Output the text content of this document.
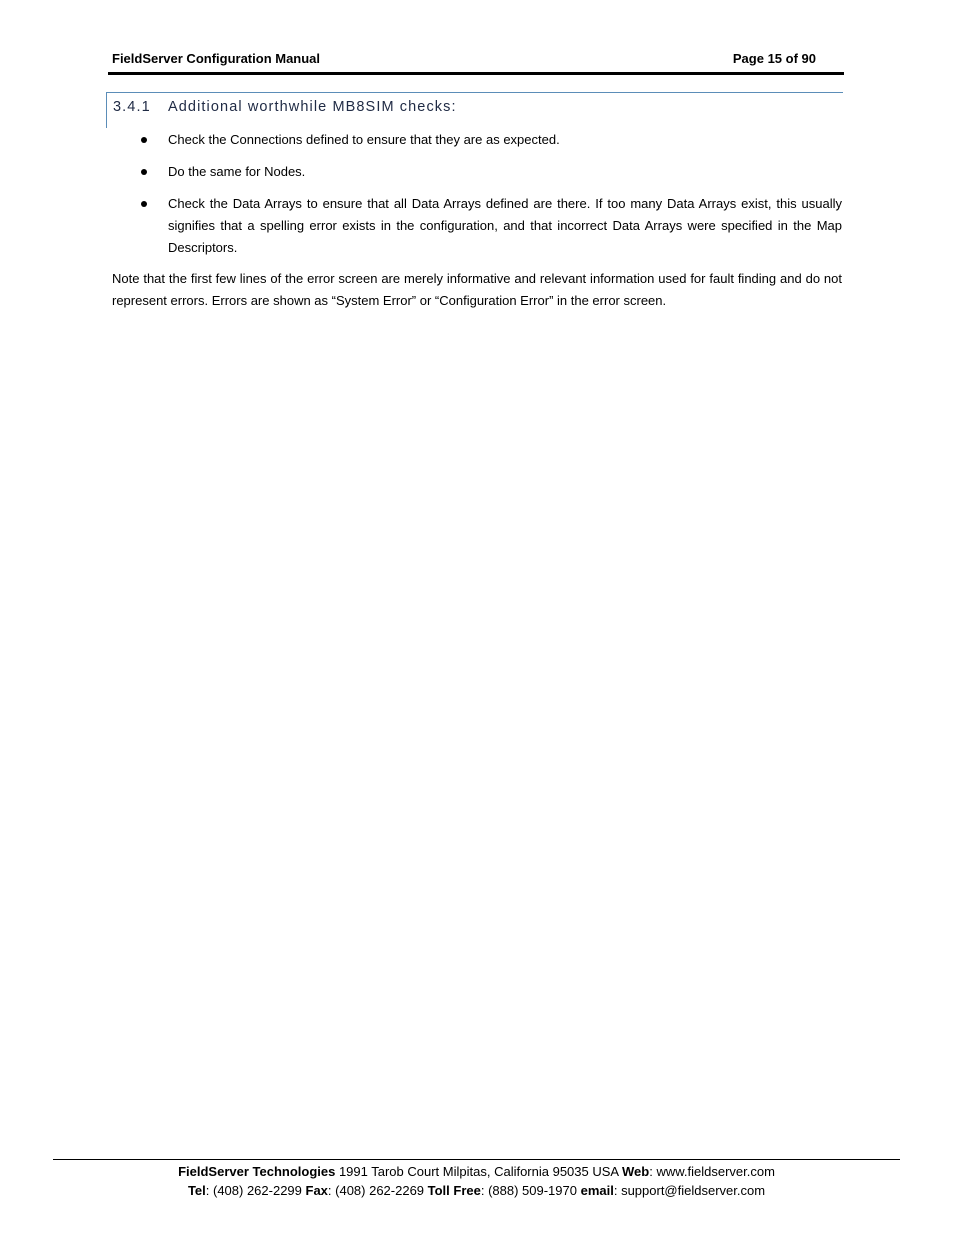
FieldServer Configuration Manual	Page 15 of 90
3.4.1 Additional worthwhile MB8SIM checks:
Check the Connections defined to ensure that they are as expected.
Do the same for Nodes.
Check the Data Arrays to ensure that all Data Arrays defined are there. If too many Data Arrays exist, this usually signifies that a spelling error exists in the configuration, and that incorrect Data Arrays were specified in the Map Descriptors.

Note that the first few lines of the error screen are merely informative and relevant information used for fault finding and do not represent errors. Errors are shown as “System Error” or “Configuration Error” in the error screen.

FieldServer Technologies 1991 Tarob Court Milpitas, California 95035 USA Web: www.fieldserver.com
Tel: (408) 262-2299 Fax: (408) 262-2269 Toll Free: (888) 509-1970 email: support@fieldserver.com
